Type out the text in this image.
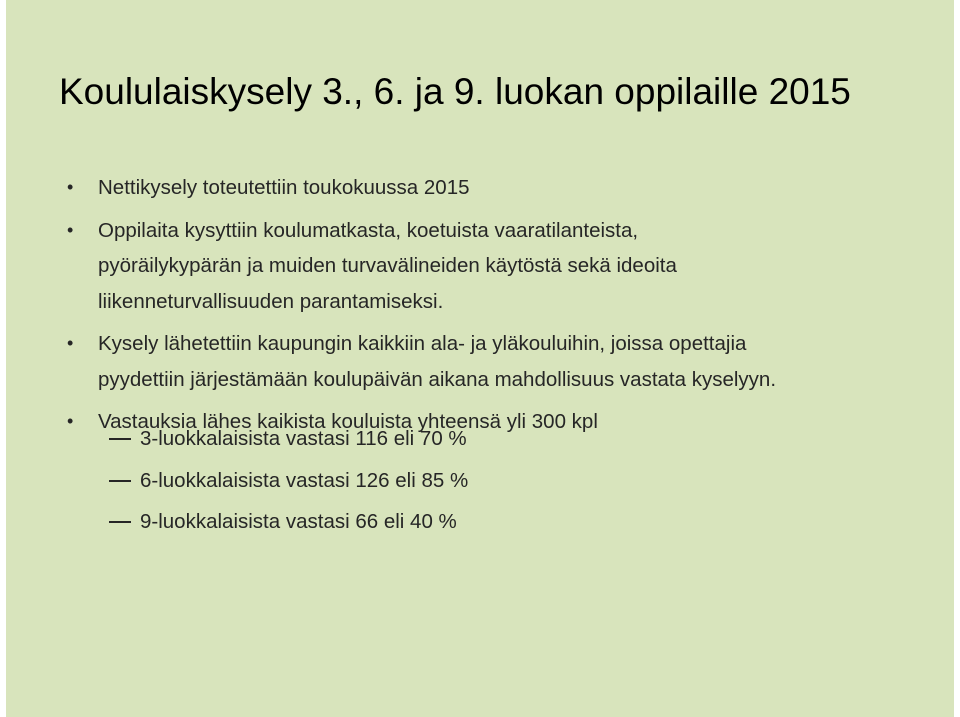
Koululaiskysely 3., 6. ja 9. luokan oppilaille 2015
• Nettikysely toteutettiin toukokuussa 2015
• Oppilaita kysyttiin koulumatkasta, koetuista vaaratilanteista,
pyöräilykypärän ja muiden turvavälineiden käytöstä sekä ideoita
liikenneturvallisuuden parantamiseksi.
• Kysely lähetettiin kaupungin kaikkiin ala- ja yläkouluihin, joissa opettajia
pyydettiin järjestämään koulupäivän aikana mahdollisuus vastata kyselyyn.
• Vastauksia lähes kaikista kouluista yhteensä yli 300 kpl
3-luokkalaisista vastasi 116 eli 70 %
6-luokkalaisista vastasi 126 eli 85 %
9-luokkalaisista vastasi 66 eli 40 %
